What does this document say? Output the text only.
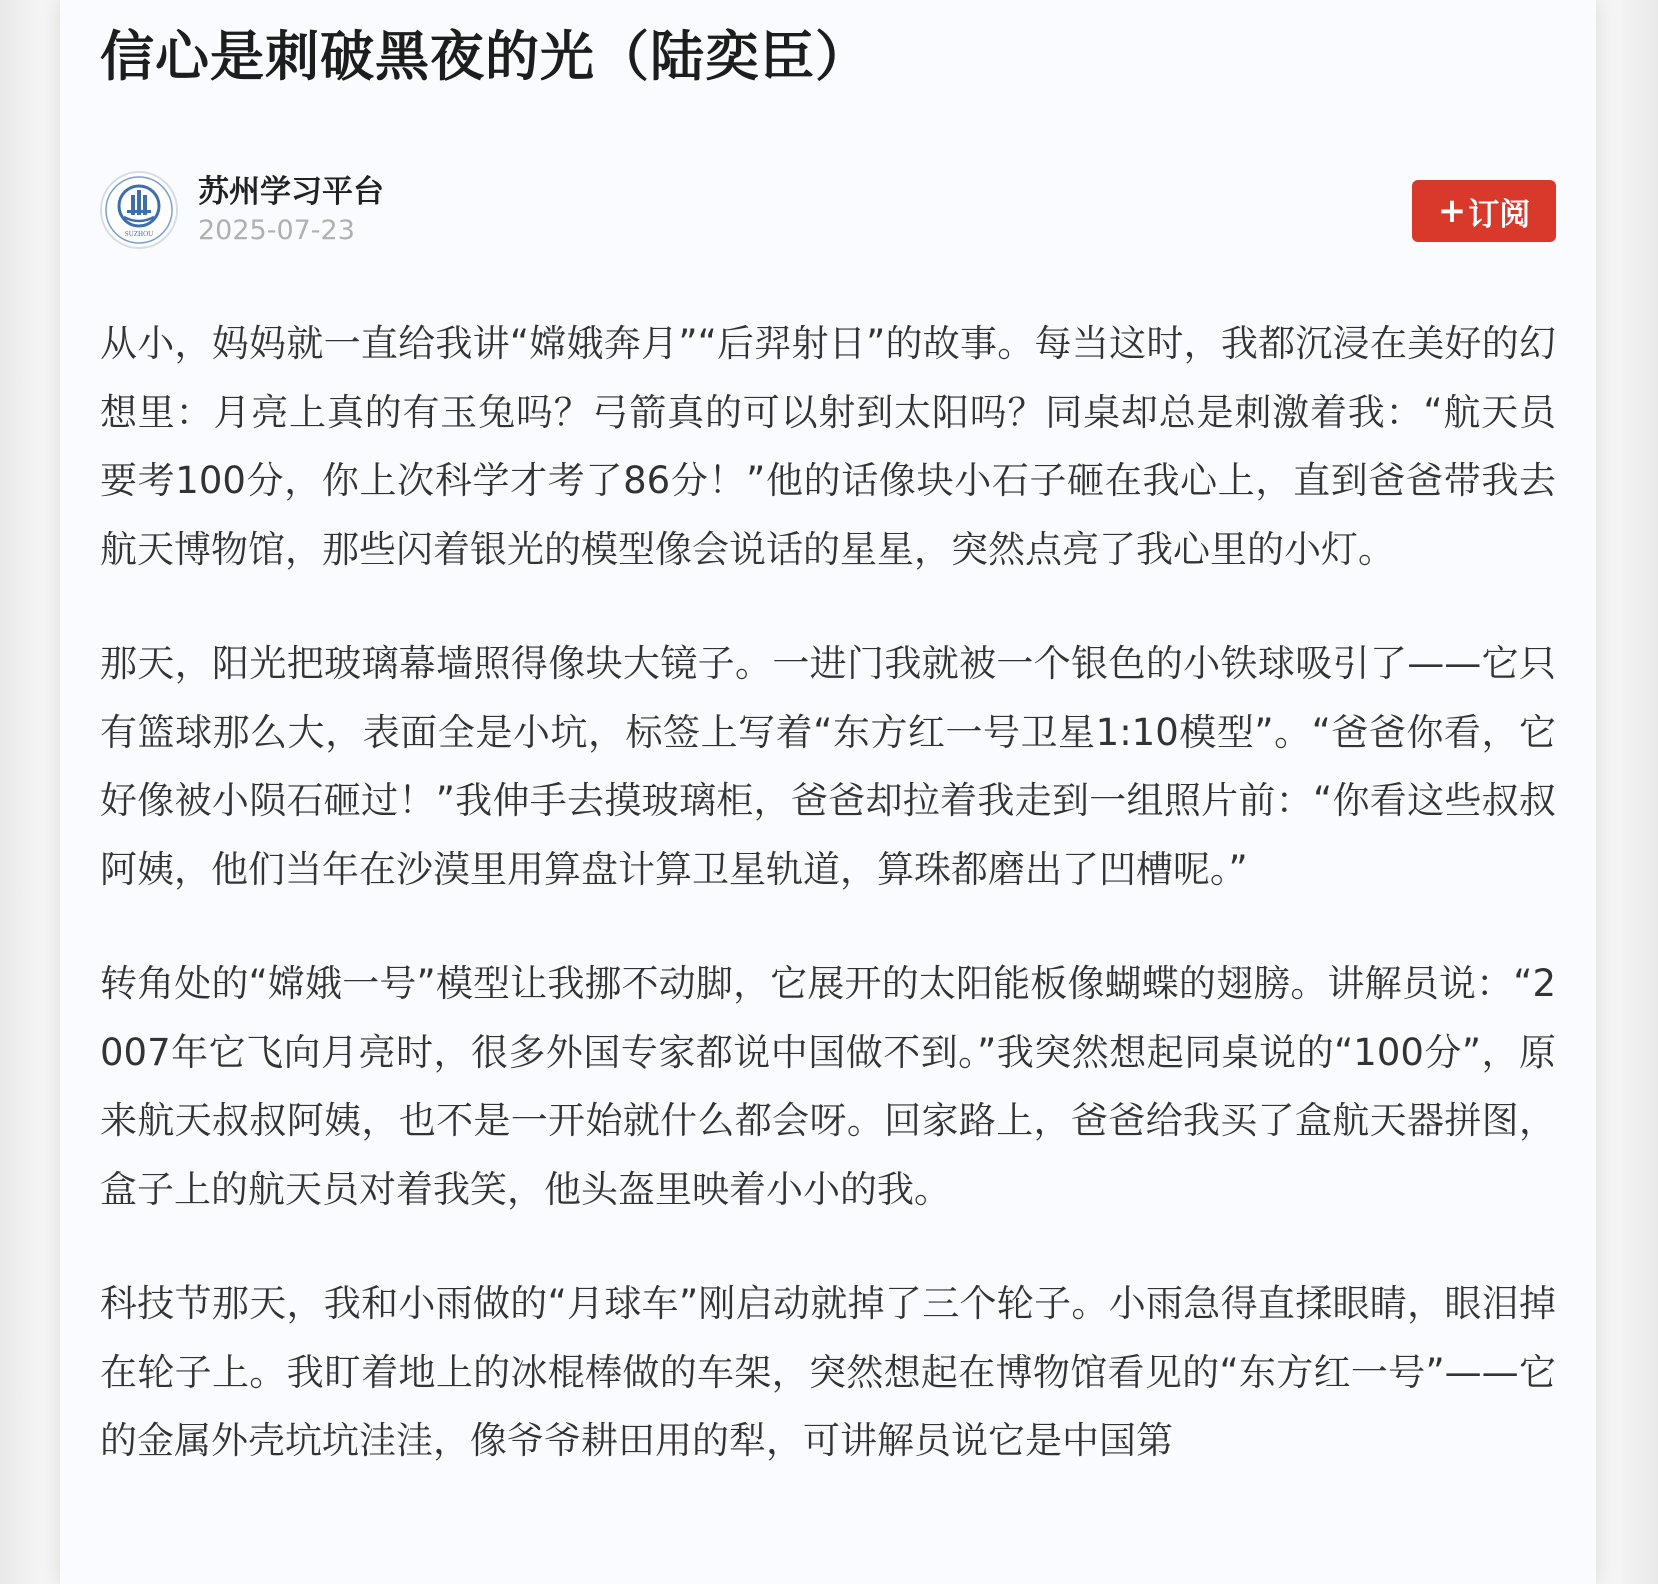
信心是刺破黑夜的光（陆奕臣）
SUZHOU
苏州学习平台
2025-07-23	+ 订阅

从小，妈妈就一直给我讲“嫦娥奔月”“后羿射日”的故事。每当这时，我都沉浸在美好的幻想里：月亮上真的有玉兔吗？弓箭真的可以射到太阳吗？同桌却总是刺激着我：“航天员要考100分，你上次科学才考了86分！”他的话像块小石子砸在我心上，直到爸爸带我去航天博物馆，那些闪着银光的模型像会说话的星星，突然点亮了我心里的小灯。

那天，阳光把玻璃幕墙照得像块大镜子。一进门我就被一个银色的小铁球吸引了——它只有篮球那么大，表面全是小坑，标签上写着“东方红一号卫星1:10模型”。“爸爸你看，它好像被小陨石砸过！”我伸手去摸玻璃柜，爸爸却拉着我走到一组照片前：“你看这些叔叔阿姨，他们当年在沙漠里用算盘计算卫星轨道，算珠都磨出了凹槽呢。”

转角处的“嫦娥一号”模型让我挪不动脚，它展开的太阳能板像蝴蝶的翅膀。讲解员说：“2007年它飞向月亮时，很多外国专家都说中国做不到。”我突然想起同桌说的“100分”，原来航天叔叔阿姨，也不是一开始就什么都会呀。回家路上，爸爸给我买了盒航天器拼图，盒子上的航天员对着我笑，他头盔里映着小小的我。

科技节那天，我和小雨做的“月球车”刚启动就掉了三个轮子。小雨急得直揉眼睛，眼泪掉在轮子上。我盯着地上的冰棍棒做的车架，突然想起在博物馆看见的“东方红一号”——它的金属外壳坑坑洼洼，像爷爷耕田用的犁，可讲解员说它是中国第
